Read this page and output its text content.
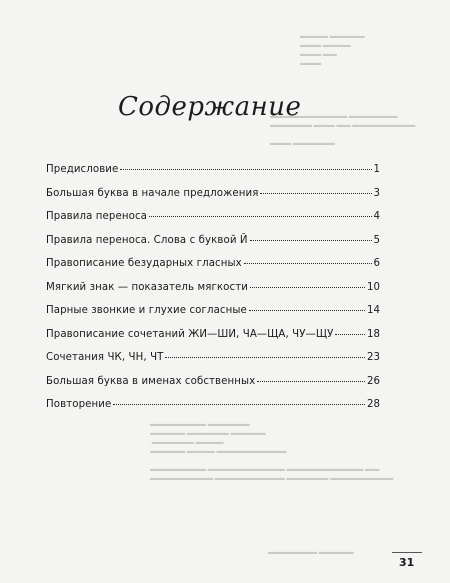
▬▬▬▬ ▬▬▬▬▬
▬▬▬ ▬▬▬▬
▬▬▬ ▬▬
▬▬▬
▬▬▬▬▬▬▬▬▬▬▬ ▬▬▬▬▬▬▬
▬▬▬▬▬▬ ▬▬▬ ▬▬ ▬▬▬▬▬▬▬▬▬

▬▬▬ ▬▬▬▬▬▬
▬▬▬▬▬▬▬▬ ▬▬▬▬▬▬
▬▬▬▬▬ ▬▬▬▬▬▬ ▬▬▬▬▬
▬▬▬▬▬▬ ▬▬▬▬
▬▬▬▬▬ ▬▬▬▬ ▬▬▬▬▬▬▬▬▬▬

▬▬▬▬▬▬▬▬ ▬▬▬▬▬▬▬▬▬▬▬ ▬▬▬▬▬▬▬▬▬▬▬ ▬▬
▬▬▬▬▬▬▬▬▬ ▬▬▬▬▬▬▬▬▬▬ ▬▬▬▬▬▬ ▬▬▬▬▬▬▬▬▬
▬▬▬▬▬▬▬ ▬▬▬▬▬
Содержание
Предисловие	1
Большая буква в начале предложения	3
Правила переноса	4
Правила переноса. Слова с буквой Й	5
Правописание безударных гласных	6
Мягкий знак — показатель мягкости	10
Парные звонкие и глухие согласные	14
Правописание сочетаний ЖИ—ШИ, ЧА—ЩА, ЧУ—ЩУ	18
Сочетания ЧК, ЧН, ЧТ	23
Большая буква в именах собственных	26
Повторение	28
31
